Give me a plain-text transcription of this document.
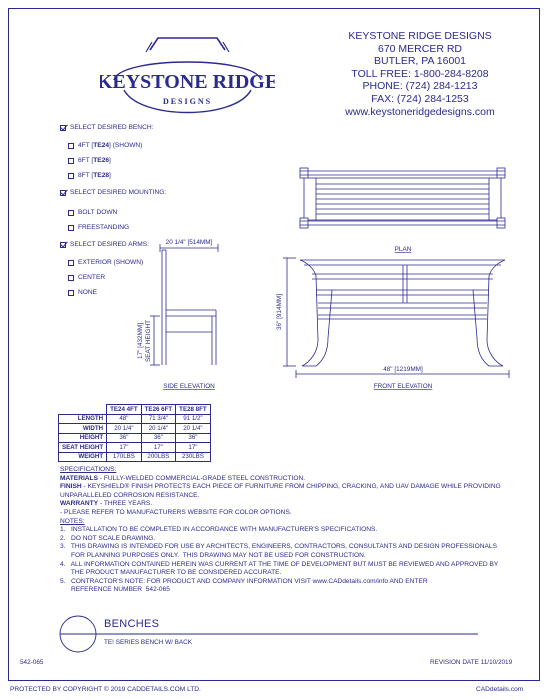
KEYSTONE RIDGE
DESIGNS
KEYSTONE RIDGE DESIGNS
670 MERCER RD
BUTLER, PA 16001
TOLL FREE: 1-800-284-8208
PHONE: (724) 284-1213
FAX: (724) 284-1253
www.keystoneridgedesigns.com
SELECT DESIRED BENCH:
4FT [ TE24 ] (SHOWN)
6FT [ TE26 ]
8FT [ TE28 ]
SELECT DESIRED MOUNTING:
BOLT DOWN
FREESTANDING
SELECT DESIRED ARMS:
EXTERIOR (SHOWN)
CENTER
NONE
PLAN
20 1/4" [514MM]
17" [432MM] SEAT HEIGHT
36" [914MM]
48" [1219MM]
SIDE ELEVATION	FRONT ELEVATION
	TE24 4FT	TE26 6FT	TE28 8FT
LENGTH	48"	71 3/4"	91 1/2"
WIDTH	20 1/4"	20 1/4"	20 1/4"
HEIGHT	36"	36"	36"
SEAT HEIGHT	17"	17"	17"
WEIGHT	170LBS	200LBS	230LBS

SPECIFICATIONS:

MATERIALS - FULLY-WELDED COMMERCIAL-GRADE STEEL CONSTRUCTION.

FINISH - KEYSHIELD® FINISH PROTECTS EACH PIECE OF FURNITURE FROM CHIPPING, CRACKING, AND UAV DAMAGE WHILE PROVIDING

UNPARALLELED CORROSION RESISTANCE.

WARRANTY - THREE YEARS.

- PLEASE REFER TO MANUFACTURERS WEBSITE FOR COLOR OPTIONS.

NOTES:

1.   INSTALLATION TO BE COMPLETED IN ACCORDANCE WITH MANUFACTURER'S SPECIFICATIONS.

2.   DO NOT SCALE DRAWING.

3.   THIS DRAWING IS INTENDED FOR USE BY ARCHITECTS, ENGINEERS, CONTRACTORS, CONSULTANTS AND DESIGN PROFESSIONALS

FOR PLANNING PURPOSES ONLY.  THIS DRAWING MAY NOT BE USED FOR CONSTRUCTION.

4.   ALL INFORMATION CONTAINED HEREIN WAS CURRENT AT THE TIME OF DEVELOPMENT BUT MUST BE REVIEWED AND APPROVED BY

THE PRODUCT MANUFACTURER TO BE CONSIDERED ACCURATE.

5.   CONTRACTOR'S NOTE: FOR PRODUCT AND COMPANY INFORMATION VISIT www.CADdetails.com/info AND ENTER

REFERENCE NUMBER  542-065

BENCHES
TE! SERIES BENCH W/ BACK
542-065	REVISION DATE 11/10/2019
PROTECTED BY COPYRIGHT © 2019 CADDETAILS.COM LTD.	CADdetails.com
